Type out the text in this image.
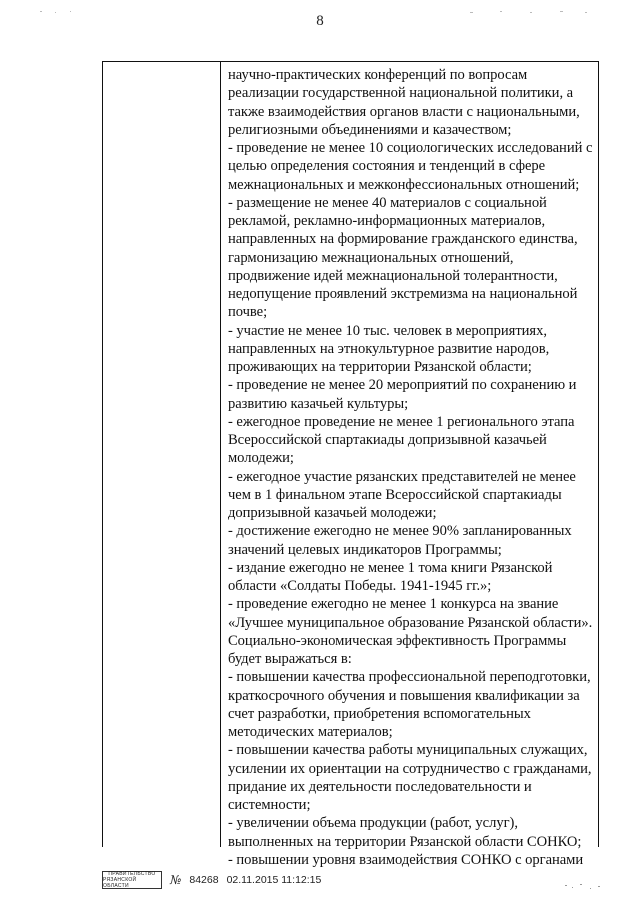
8
научно-практических конференций по вопросам
реализации государственной национальной политики, а
также взаимодействия органов власти с национальными,
религиозными объединениями и казачеством;
- проведение не менее 10 социологических исследований с
целью определения состояния и тенденций в сфере
межнациональных и межконфессиональных отношений;
- размещение не менее 40 материалов с социальной
рекламой, рекламно-информационных материалов,
направленных на формирование гражданского единства,
гармонизацию межнациональных отношений,
продвижение идей межнациональной толерантности,
недопущение проявлений экстремизма на национальной
почве;
- участие не менее 10 тыс. человек в мероприятиях,
направленных на этнокультурное развитие народов,
проживающих на территории Рязанской области;
- проведение не менее 20 мероприятий по сохранению и
развитию казачьей культуры;
- ежегодное проведение не менее 1 регионального этапа
Всероссийской спартакиады допризывной казачьей
молодежи;
- ежегодное участие рязанских представителей не менее
чем в 1 финальном этапе Всероссийской спартакиады
допризывной казачьей молодежи;
- достижение ежегодно не менее 90% запланированных
значений целевых индикаторов Программы;
- издание ежегодно не менее 1 тома книги Рязанской
области «Солдаты Победы. 1941-1945 гг.»;
- проведение ежегодно не менее 1 конкурса на звание
«Лучшее муниципальное образование Рязанской области».
Социально-экономическая эффективность Программы
будет выражаться в:
- повышении качества профессиональной переподготовки,
краткосрочного обучения и повышения квалификации за
счет разработки, приобретения вспомогательных
методических материалов;
- повышении качества работы муниципальных служащих,
усилении их ориентации на сотрудничество с гражданами,
придание их деятельности последовательности и
системности;
- увеличении объема продукции (работ, услуг),
выполненных на территории Рязанской области СОНКО;
- повышении уровня взаимодействия СОНКО с органами
ПРАВИТЕЛЬСТВО
РЯЗАНСКОЙ ОБЛАСТИ	№ 84268 02.11.2015 11:12:15
